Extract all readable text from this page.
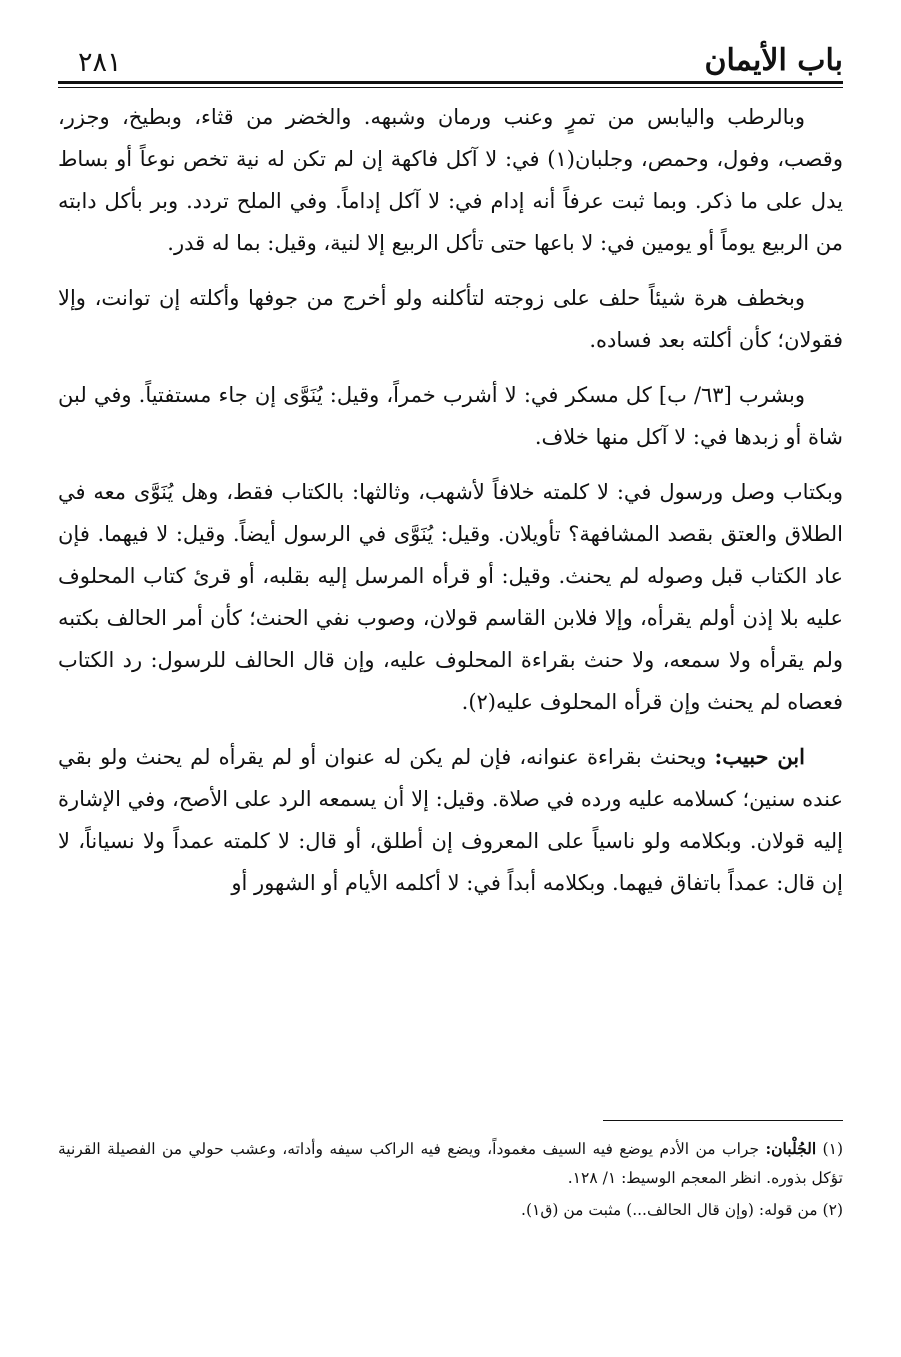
باب الأيمان
٢٨١

وبالرطب واليابس من تمرٍ وعنب ورمان وشبهه. والخضر من قثاء، وبطيخ، وجزر، وقصب، وفول، وحمص، وجلبان(١) في: لا آكل فاكهة إن لم تكن له نية تخص نوعاً أو بساط يدل على ما ذكر. وبما ثبت عرفاً أنه إدام في: لا آكل إداماً. وفي الملح تردد. وبر بأكل دابته من الربيع يوماً أو يومين في: لا باعها حتى تأكل الربيع إلا لنية، وقيل: بما له قدر.

وبخطف هرة شيئاً حلف على زوجته لتأكلنه ولو أخرج من جوفها وأكلته إن توانت، وإلا فقولان؛ كأن أكلته بعد فساده.

وبشرب [٦٣/ ب] كل مسكر في: لا أشرب خمراً، وقيل: يُنَوَّى إن جاء مستفتياً. وفي لبن شاة أو زبدها في: لا آكل منها خلاف.

وبكتاب وصل ورسول في: لا كلمته خلافاً لأشهب، وثالثها: بالكتاب فقط، وهل يُنَوَّى معه في الطلاق والعتق بقصد المشافهة؟ تأويلان. وقيل: يُنَوَّى في الرسول أيضاً. وقيل: لا فيهما. فإن عاد الكتاب قبل وصوله لم يحنث. وقيل: أو قرأه المرسل إليه بقلبه، أو قرئ كتاب المحلوف عليه بلا إذن أولم يقرأه، وإلا فلابن القاسم قولان، وصوب نفي الحنث؛ كأن أمر الحالف بكتبه ولم يقرأه ولا سمعه، ولا حنث بقراءة المحلوف عليه، وإن قال الحالف للرسول: رد الكتاب فعصاه لم يحنث وإن قرأه المحلوف عليه(٢).

ابن حبيب: ويحنث بقراءة عنوانه، فإن لم يكن له عنوان أو لم يقرأه لم يحنث ولو بقي عنده سنين؛ كسلامه عليه ورده في صلاة. وقيل: إلا أن يسمعه الرد على الأصح، وفي الإشارة إليه قولان. وبكلامه ولو ناسياً على المعروف إن أطلق، أو قال: لا كلمته عمداً ولا نسياناً، لا إن قال: عمداً باتفاق فيهما. وبكلامه أبداً في: لا أكلمه الأيام أو الشهور أو

(١) الجُلْبان: جراب من الأدم يوضع فيه السيف مغموداً، ويضع فيه الراكب سيفه وأداته، وعشب حولي من الفصيلة القرنية تؤكل بذوره. انظر المعجم الوسيط: ١/ ١٢٨.

(٢) من قوله: (وإن قال الحالف...) مثبت من (ق١).
